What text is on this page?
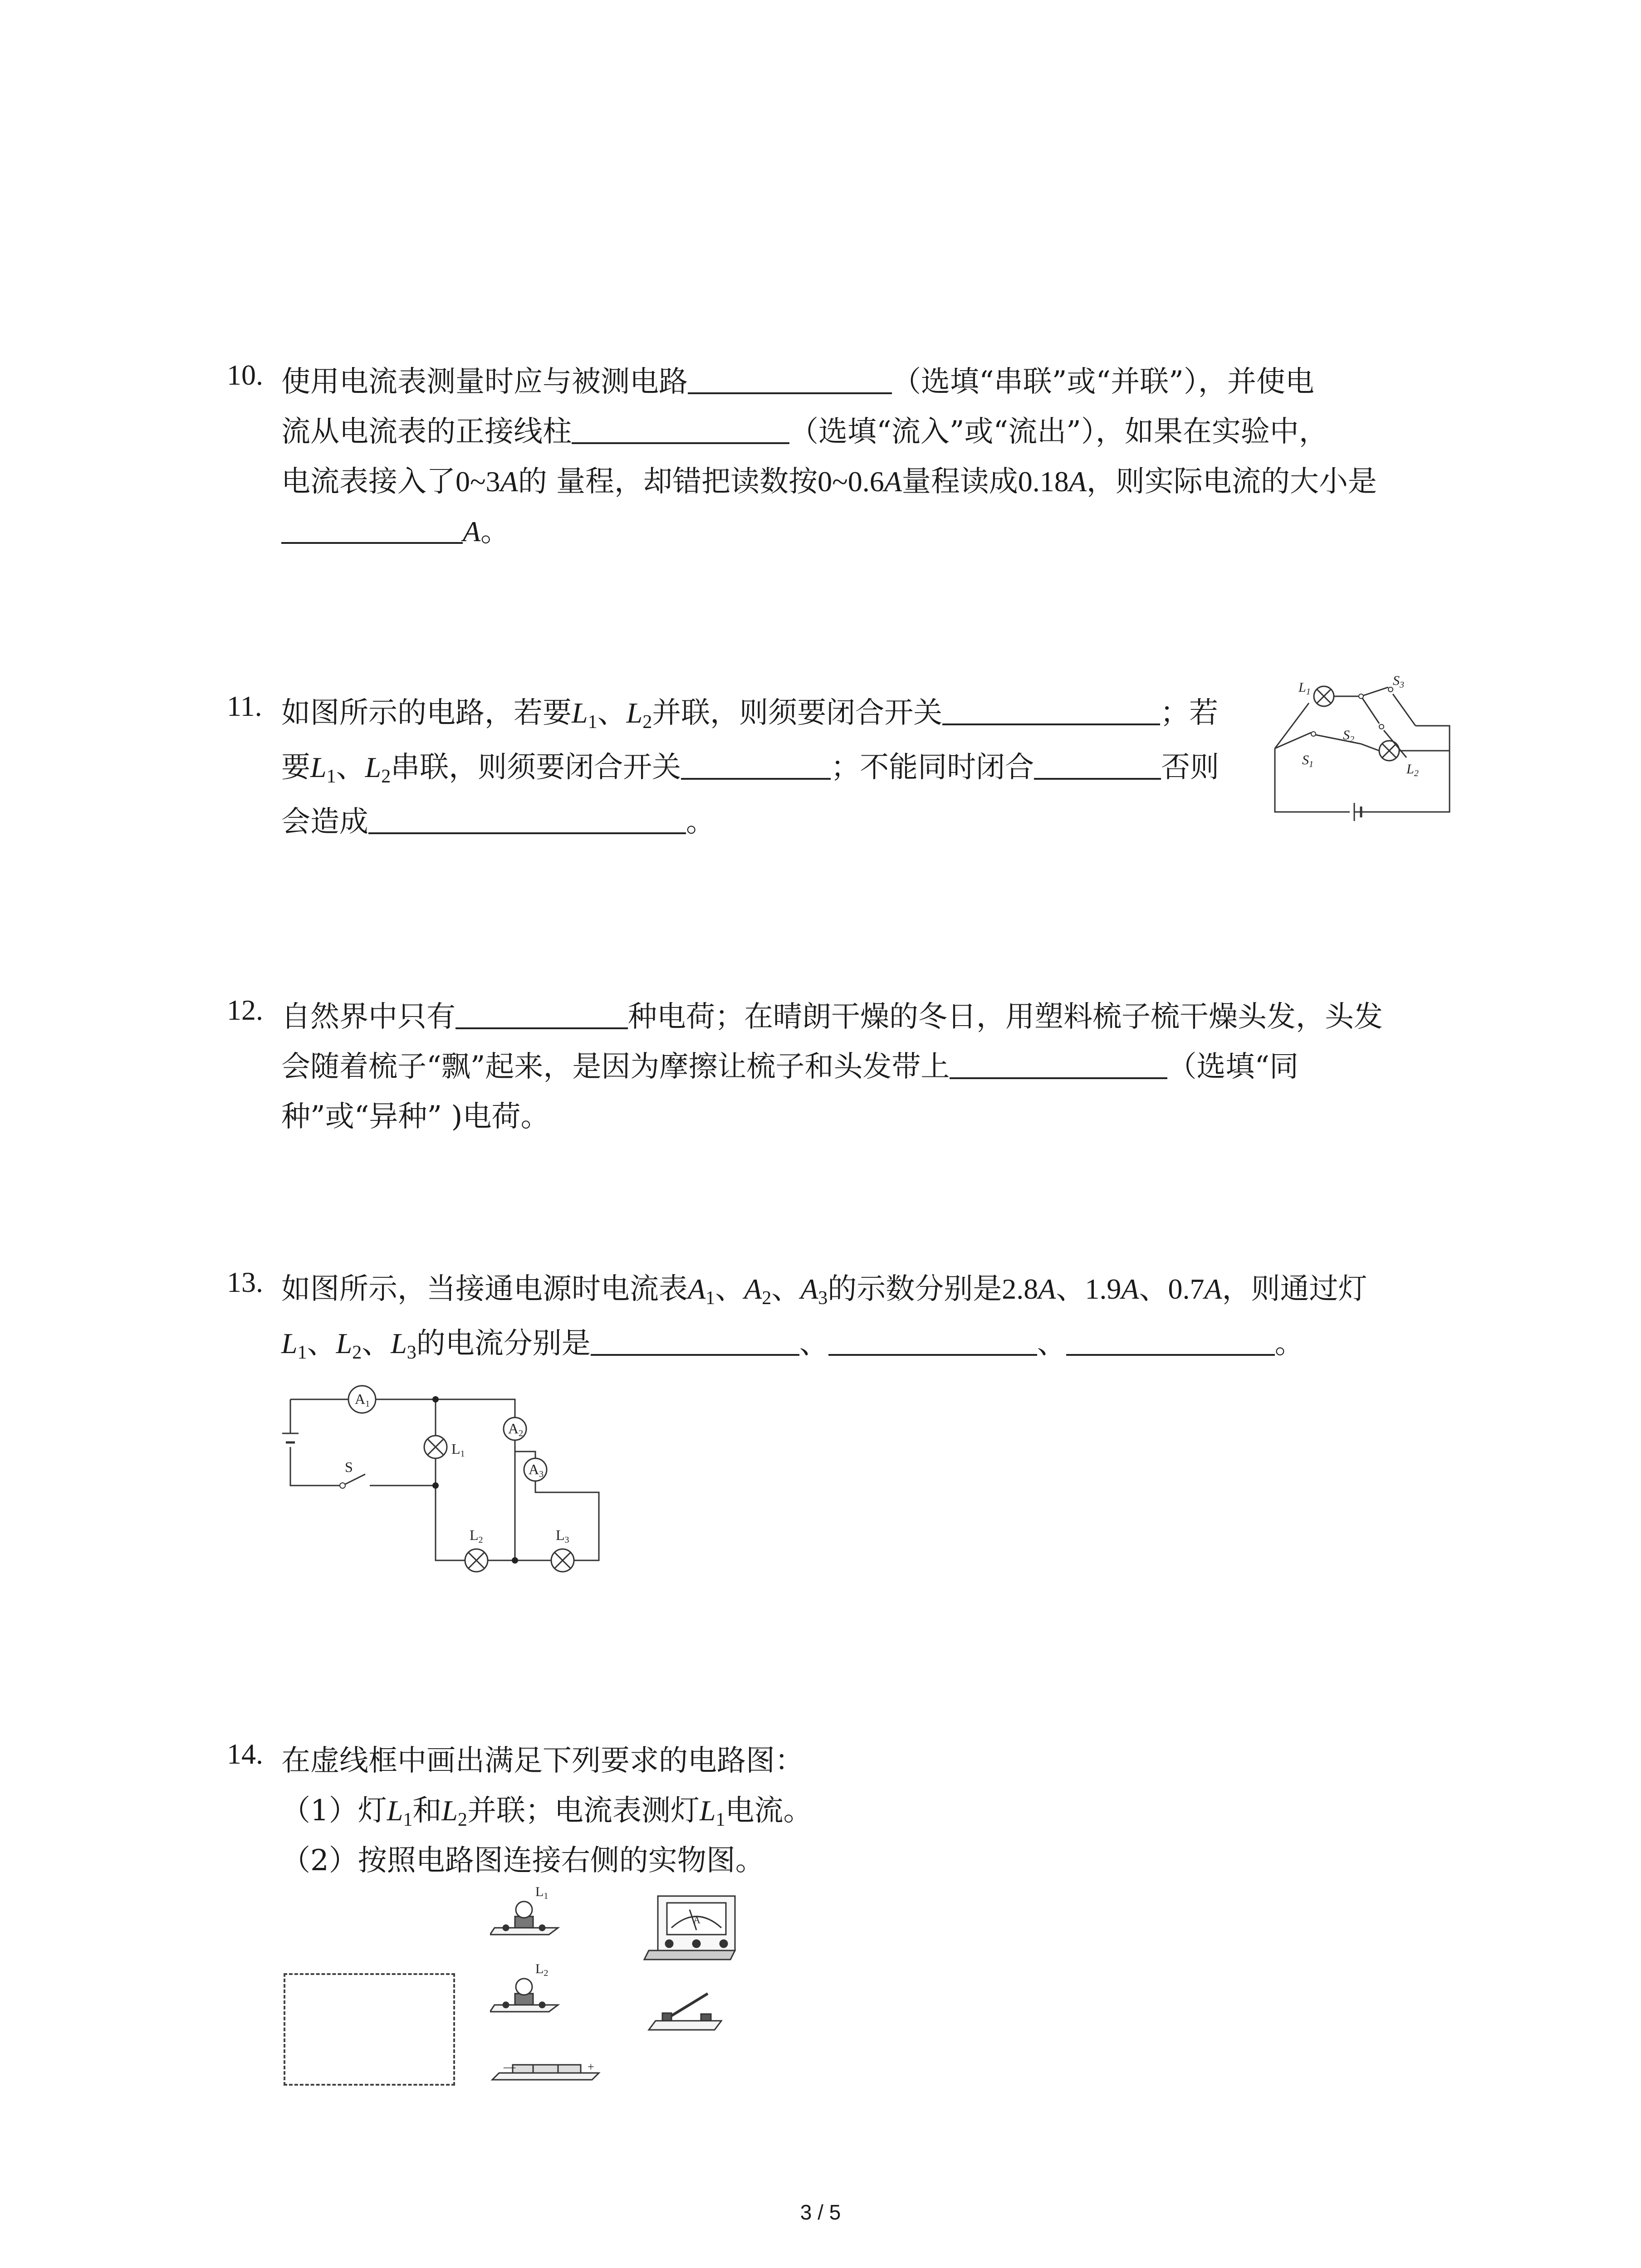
10. 使用电流表测量时应与被测电路	（选填“串联”或“并联”），并使电
流从电流表的正接线柱	（选填“流入”或“流出”），如果在实验中，
电流表接入了0~3A的 量程，却错把读数按0~0.6A量程读成0.18A，则实际电流的大小是
A。
11. 如图所示的电路，若要$L_1$、$L_2$并联，则须要闭合开关	；若
要$L_1$、$L_2$串联，则须要闭合开关	；不能同时闭合	否则
会造成	。
$L_1$
$S_3$
$S_2$
$S_1$	$L_2$
12. 自然界中只有	种电荷；在晴朗干燥的冬日，用塑料梳子梳干燥头发，头发
会随着梳子“飘”起来，是因为摩擦让梳子和头发带上	（选填“同
种”或“异种” )电荷。
13. 如图所示，当接通电源时电流表$A_1$、$A_2$、$A_3$的示数分别是2.8A、1.9A、0.7A，则通过灯
$L_1$、$L_2$、$L_3$的电流分别是	、	、	。
A1
A2
A3
L1
L2	L3
S
14. 在虚线框中画出满足下列要求的电路图：
（1）灯$L_1$和$L_2$并联；电流表测灯$L_1$电流。
（2）按照电路图连接右侧的实物图。
$L_1$
$L_2$
A
—	+
3 / 5
